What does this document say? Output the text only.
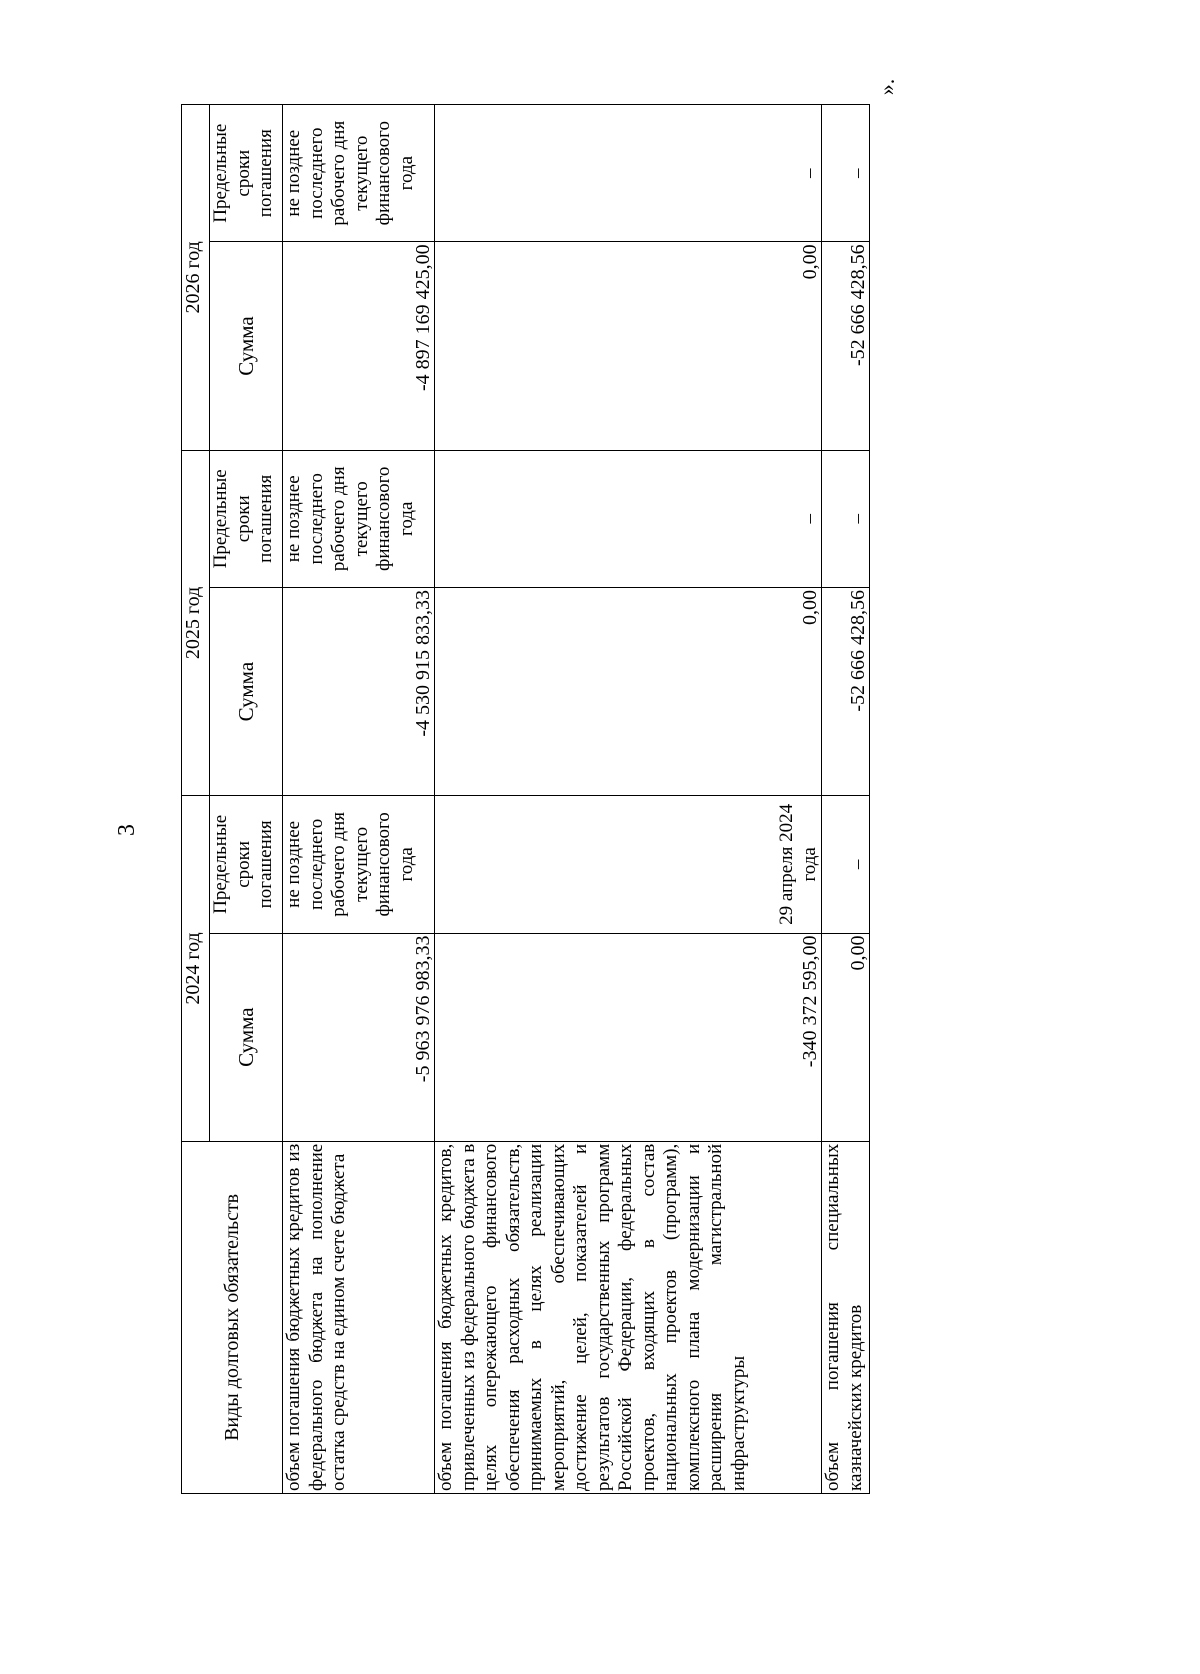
3
».
Виды долговых обязательств	2024 год		2025 год		2026 год	
	Сумма	Предельные сроки погашения	Сумма	Предельные сроки погашения	Сумма	Предельные сроки погашения
объем погашения бюджетных кредитов из федерального бюджета на пополнение остатка средств на едином счете бюджета	-5 963 976 983,33	не позднее последнего рабочего дня текущего финансового года	-4 530 915 833,33	не позднее последнего рабочего дня текущего финансового года	-4 897 169 425,00	не позднее последнего рабочего дня текущего финансового года
объем погашения бюджетных кредитов, привлеченных из федерального бюджета в целях опережающего финансового обеспечения расходных обязательств, принимаемых в целях реализации мероприятий, обеспечивающих достижение целей, показателей и результатов государственных программ Российской Федерации, федеральных проектов, входящих в состав национальных проектов (программ), комплексного плана модернизации и расширения магистральной инфраструктуры	-340 372 595,00	29 апреля 2024 года	0,00	–	0,00	–
объем погашения специальных казначейских кредитов	0,00	–	-52 666 428,56	–	-52 666 428,56	–
